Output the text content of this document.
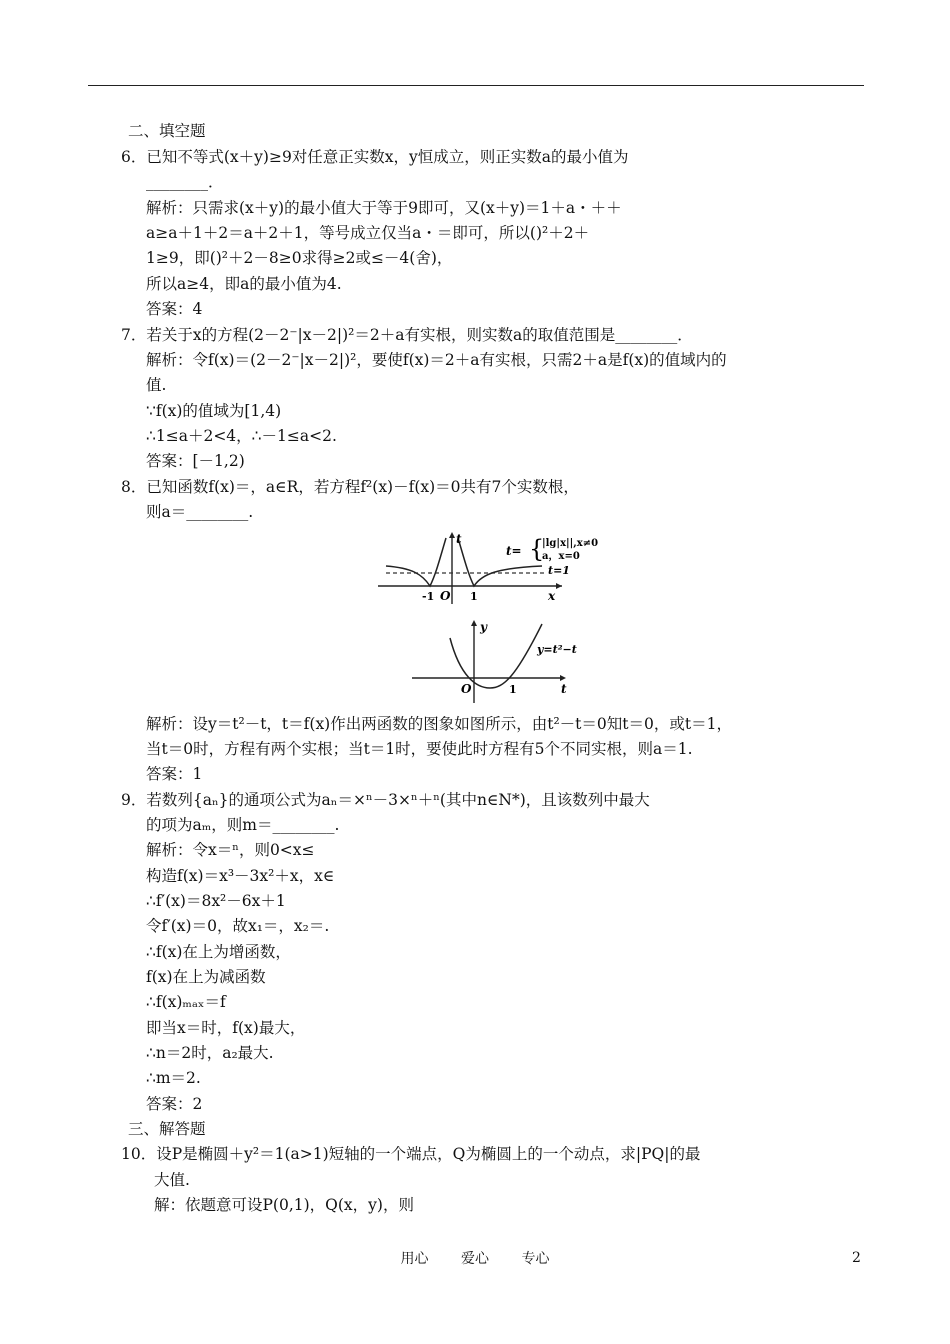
二、填空题
6．已知不等式(x＋y)≥9对任意正实数x，y恒成立，则正实数a的最小值为
________．
解析：只需求(x＋y)的最小值大于等于9即可，又(x＋y)＝1＋a・＋＋
a≥a＋1＋2＝a＋2＋1，等号成立仅当a・＝即可，所以()²＋2＋
1≥9，即()²＋2－8≥0求得≥2或≤－4(舍)，
所以a≥4，即a的最小值为4.
答案：4
7．若关于x的方程(2－2⁻|x－2|)²＝2＋a有实根，则实数a的取值范围是________．
解析：令f(x)＝(2－2⁻|x－2|)²，要使f(x)＝2＋a有实根，只需2＋a是f(x)的值域内的
值.
∵f(x)的值域为[1,4)
∴1≤a＋2<4，∴－1≤a<2.
答案：[－1,2)
8．已知函数f(x)＝，a∈R，若方程f²(x)－f(x)＝0共有7个实数根，
则a＝________.
t= {
|lg|x||,x≠0
a，x=0
t=1
t
x
-1 O 1
y
y=t²−t
O	1	t
解析：设y＝t²－t，t＝f(x)作出两函数的图象如图所示，由t²－t＝0知t＝0，或t＝1，
当t＝0时，方程有两个实根；当t＝1时，要使此时方程有5个不同实根，则a＝1.
答案：1
9．若数列{aₙ}的通项公式为aₙ＝×ⁿ－3×ⁿ＋ⁿ(其中n∈N*)，且该数列中最大
的项为aₘ，则m＝________.
解析：令x＝ⁿ，则0<x≤
构造f(x)＝x³－3x²＋x，x∈
∴f′(x)＝8x²－6x＋1
令f′(x)＝0，故x₁＝，x₂＝.
∴f(x)在上为增函数，
f(x)在上为减函数
∴f(x)ₘₐₓ＝f
即当x＝时，f(x)最大，
∴n＝2时，a₂最大.
∴m＝2.
答案：2
三、解答题
10．设P是椭圆＋y²＝1(a>1)短轴的一个端点，Q为椭圆上的一个动点，求|PQ|的最
大值.
解：依题意可设P(0,1)，Q(x，y)，则
用心 爱心 专心	2
